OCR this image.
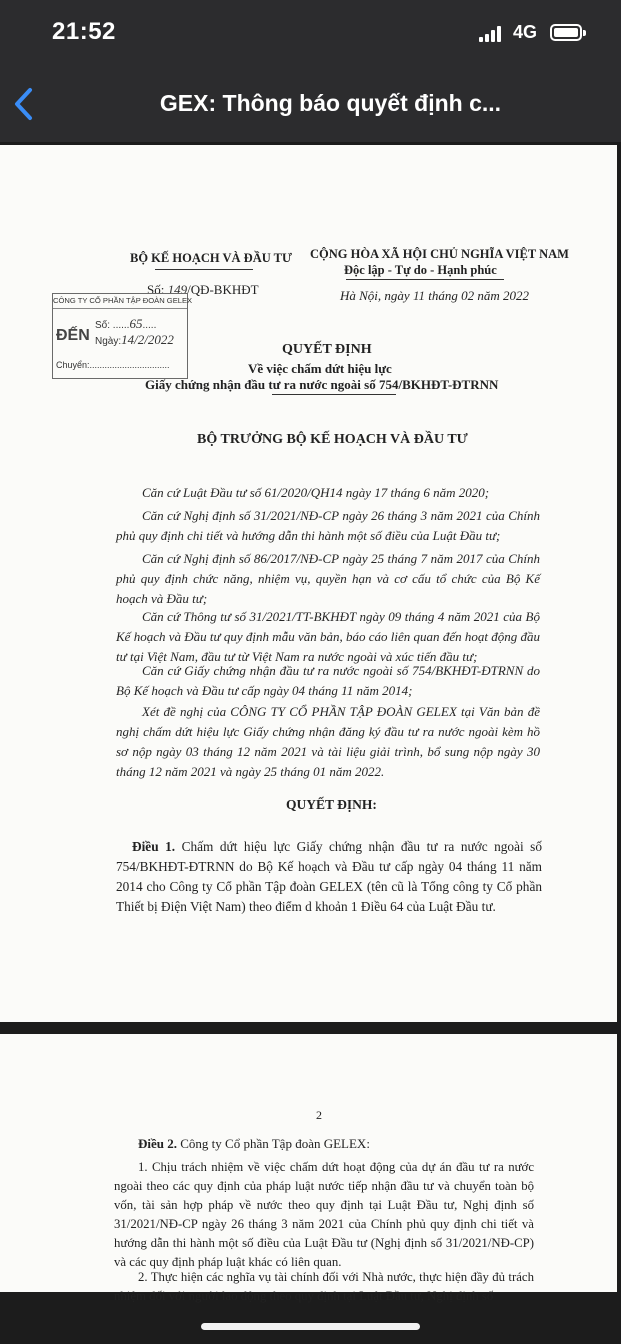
21:52	4G
GEX: Thông báo quyết định c...
BỘ KẾ HOẠCH VÀ ĐẦU TƯ CỘNG HÒA XÃ HỘI CHỦ NGHĨA VIỆT NAM
Độc lập - Tự do - Hạnh phúc
Số: 149/QĐ-BKHĐT	Hà Nội, ngày 11 tháng 02 năm 2022
CÔNG TY CỔ PHẦN TẬP ĐOÀN GELEX
ĐẾN
Số: ......65.....
Ngày:14/2/2022
Chuyển:................................
QUYẾT ĐỊNH
Về việc chấm dứt hiệu lực
Giấy chứng nhận đầu tư ra nước ngoài số 754/BKHĐT-ĐTRNN
BỘ TRƯỞNG BỘ KẾ HOẠCH VÀ ĐẦU TƯ
Căn cứ Luật Đầu tư số 61/2020/QH14 ngày 17 tháng 6 năm 2020;
Căn cứ Nghị định số 31/2021/NĐ-CP ngày 26 tháng 3 năm 2021 của Chính phủ quy định chi tiết và hướng dẫn thi hành một số điều của Luật Đầu tư;
Căn cứ Nghị định số 86/2017/NĐ-CP ngày 25 tháng 7 năm 2017 của Chính phủ quy định chức năng, nhiệm vụ, quyền hạn và cơ cấu tổ chức của Bộ Kế hoạch và Đầu tư;
Căn cứ Thông tư số 31/2021/TT-BKHĐT ngày 09 tháng 4 năm 2021 của Bộ Kế hoạch và Đầu tư quy định mẫu văn bản, báo cáo liên quan đến hoạt động đầu tư tại Việt Nam, đầu tư từ Việt Nam ra nước ngoài và xúc tiến đầu tư;
Căn cứ Giấy chứng nhận đầu tư ra nước ngoài số 754/BKHĐT-ĐTRNN do Bộ Kế hoạch và Đầu tư cấp ngày 04 tháng 11 năm 2014;
Xét đề nghị của CÔNG TY CỔ PHẦN TẬP ĐOÀN GELEX tại Văn bản đề nghị chấm dứt hiệu lực Giấy chứng nhận đăng ký đầu tư ra nước ngoài kèm hồ sơ nộp ngày 03 tháng 12 năm 2021 và tài liệu giải trình, bổ sung nộp ngày 30 tháng 12 năm 2021 và ngày 25 tháng 01 năm 2022.
QUYẾT ĐỊNH:
Điều 1. Chấm dứt hiệu lực Giấy chứng nhận đầu tư ra nước ngoài số 754/BKHĐT-ĐTRNN do Bộ Kế hoạch và Đầu tư cấp ngày 04 tháng 11 năm 2014 cho Công ty Cổ phần Tập đoàn GELEX (tên cũ là Tổng công ty Cổ phần Thiết bị Điện Việt Nam) theo điểm d khoản 1 Điều 64 của Luật Đầu tư.
2
Điều 2. Công ty Cổ phần Tập đoàn GELEX:
1. Chịu trách nhiệm về việc chấm dứt hoạt động của dự án đầu tư ra nước ngoài theo các quy định của pháp luật nước tiếp nhận đầu tư và chuyển toàn bộ vốn, tài sản hợp pháp về nước theo quy định tại Luật Đầu tư, Nghị định số 31/2021/NĐ-CP ngày 26 tháng 3 năm 2021 của Chính phủ quy định chi tiết và hướng dẫn thi hành một số điều của Luật Đầu tư (Nghị định số 31/2021/NĐ-CP) và các quy định pháp luật khác có liên quan.
2. Thực hiện các nghĩa vụ tài chính đối với Nhà nước, thực hiện đầy đủ trách nhiệm đối với người lao động theo quy định tại Luật Đầu tư, Nghị định số
